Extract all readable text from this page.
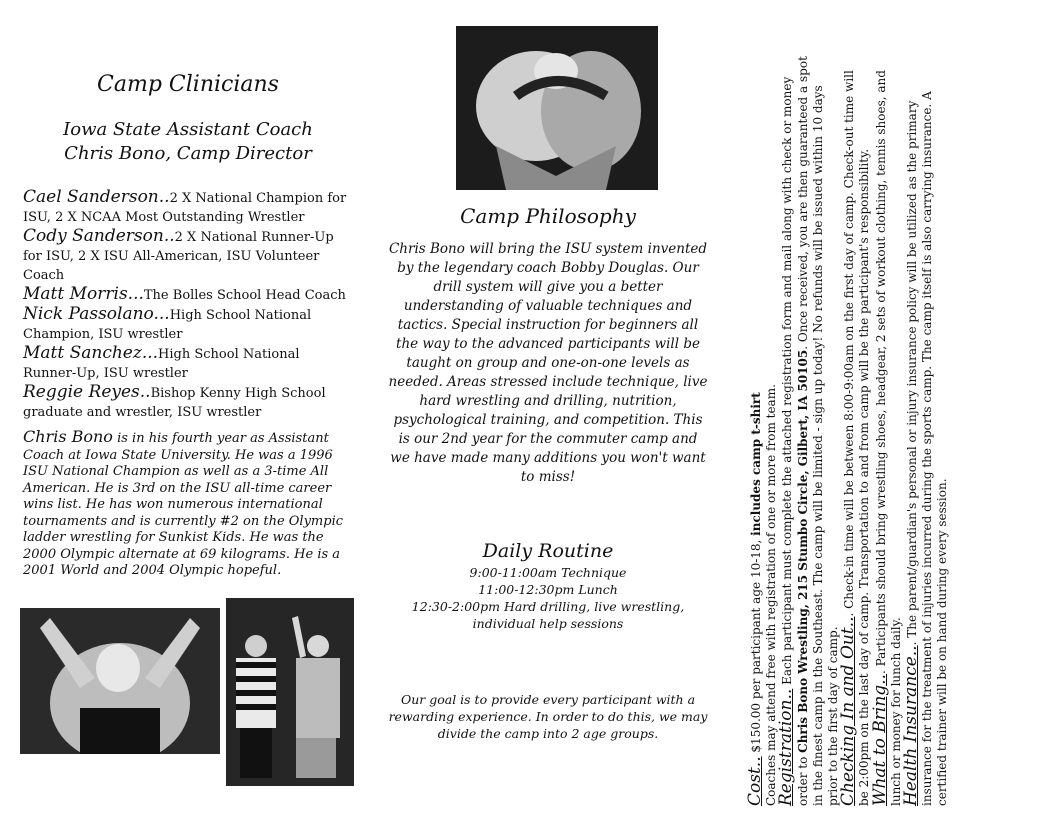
Camp Clinicians
Iowa State Assistant Coach
Chris Bono, Camp Director

Cael Sanderson..2 X National Champion for ISU, 2 X NCAA Most Outstanding Wrestler

Cody Sanderson..2 X National Runner-Up for ISU, 2 X ISU All-American, ISU Volunteer Coach

Matt Morris...The Bolles School Head Coach

Nick Passolano...High School National Champion, ISU wrestler

Matt Sanchez...High School National Runner-Up, ISU wrestler

Reggie Reyes..Bishop Kenny High School graduate and wrestler, ISU wrestler

Chris Bono is in his fourth year as Assistant Coach at Iowa State University. He was a 1996 ISU National Champion as well as a 3-time All American. He is 3rd on the ISU all-time career wins list. He has won numerous international tournaments and is currently #2 on the Olympic ladder wrestling for Sunkist Kids. He was the 2000 Olympic alternate at 69 kilograms. He is a 2001 World and 2004 Olympic hopeful.

Camp Philosophy

Chris Bono will bring the ISU system invented by the legendary coach Bobby Douglas. Our drill system will give you a better understanding of valuable techniques and tactics. Special instruction for beginners all the way to the advanced participants will be taught on group and one-on-one levels as needed. Areas stressed include technique, live hard wrestling and drilling, nutrition, psychological training, and competition. This is our 2nd year for the commuter camp and we have made many additions you won't want to miss!

Daily Routine
9:00-11:00am Technique
11:00-12:30pm Lunch
12:30-2:00pm Hard drilling, live wrestling, individual help sessions

Our goal is to provide every participant with a rewarding experience. In order to do this, we may divide the camp into 2 age groups.

Cost.. $150.00 per participant age 10-18, includes camp t-shirt Coaches may attend free with registration of one or more from team.

Registration.. Each participant must complete the attached registration form and mail along with check or money order to Chris Bono Wrestling, 215 Stumbo Circle, Gilbert, IA 50105. Once received, you are then guaranteed a spot in the finest camp in the Southeast. The camp will be limited - sign up today! No refunds will be issued within 10 days prior to the first day of camp.

Checking In and Out... Check-in time will be between 8:00-9:00am on the first day of camp. Check-out time will be 2:00pm on the last day of camp. Transportation to and from camp will be the participant's responsibility.

What to Bring... Participants should bring wrestling shoes, headgear, 2 sets of workout clothing, tennis shoes, and lunch or money for lunch daily.

Health Insurance... The parent/guardian's personal or injury insurance policy will be utilized as the primary insurance for the treatment of injuries incurred during the sports camp. The camp itself is also carrying insurance. A certified trainer will be on hand during every session.
